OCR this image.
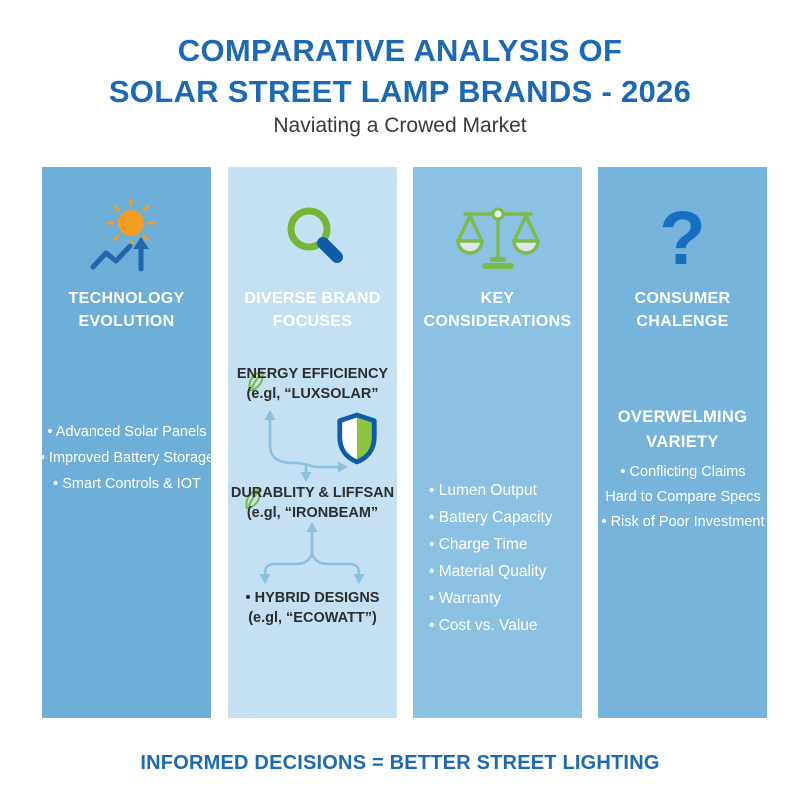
COMPARATIVE ANALYSIS OF
SOLAR STREET LAMP BRANDS - 2026
Naviating a Crowed Market
TECHNOLOGY
EVOLUTION
• Advanced Solar Panels
• Improved Battery Storage
• Smart Controls & IOT
DIVERSE BRAND
FOCUSES
ENERGY EFFICIENCY
(e.gl, “LUXSOLAR”
DURABLITY & LIFFSAN
(e.gl, “IRONBEAM”
• HYBRID DESIGNS
(e.gl, “ECOWATT”)
KEY
CONSIDERATIONS
• Lumen Output
• Battery Capacity
• Charge Time
• Material Quality
• Warranty
• Cost vs. Value
?
CONSUMER
CHALENGE
OVERWELMING
VARIETY
• Conflicting Claims
Hard to Compare Specs
• Risk of Poor Investment
INFORMED DECISIONS = BETTER STREET LIGHTING
